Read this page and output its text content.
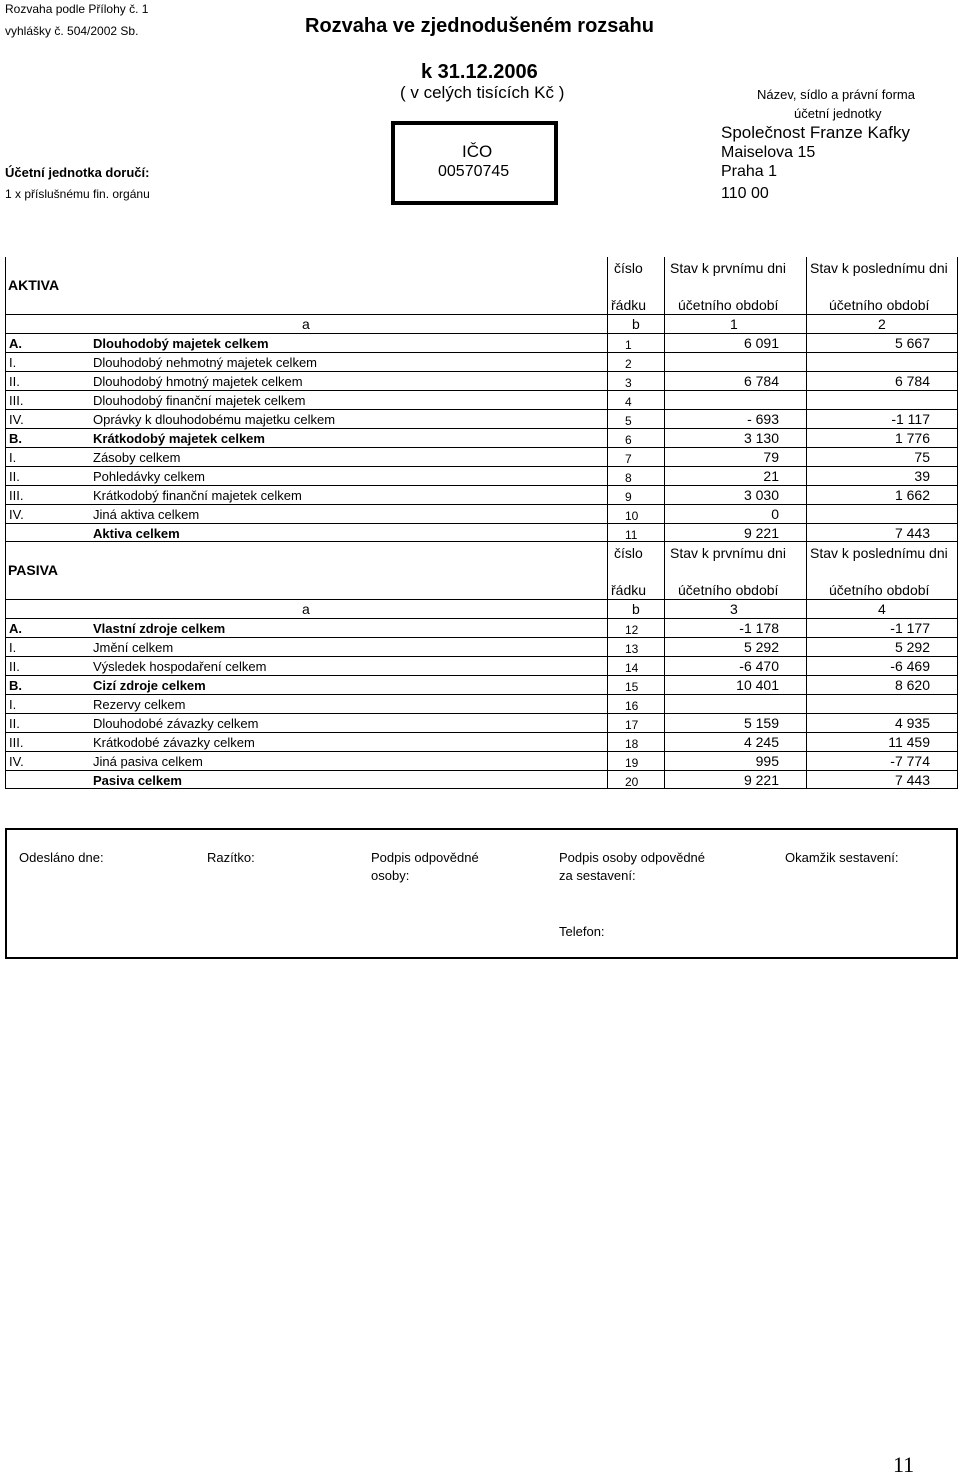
Rozvaha podle Přílohy č. 1
vyhlášky č. 504/2002 Sb.
Účetní jednotka doručí:
1 x příslušnému fin. orgánu
Rozvaha ve zjednodušeném rozsahu
k 31.12.2006
( v celých tisících Kč )
IČO
00570745
Název, sídlo a právní forma
účetní jednotky
Společnost Franze Kafky
Maiselova 15
Praha 1
110 00
AKTIVA
číslo
řádku
Stav k prvnímu dni
účetního období
Stav k poslednímu dni
účetního období
a	b	1	2
A.	Dlouhodobý majetek celkem	1	6 091	5 667
I.	Dlouhodobý nehmotný majetek celkem	2
II.	Dlouhodobý hmotný majetek celkem	3	6 784	6 784
III.	Dlouhodobý finanční majetek celkem	4
IV.	Oprávky k dlouhodobému majetku celkem	5	- 693	-1 117
B.	Krátkodobý majetek celkem	6	3 130	1 776
I.	Zásoby celkem	7	79	75
II.	Pohledávky celkem	8	21	39
III.	Krátkodobý finanční majetek celkem	9	3 030	1 662
IV.	Jiná aktiva celkem	10	0
Aktiva celkem	11	9 221	7 443
PASIVA
číslo
řádku
Stav k prvnímu dni
účetního období
Stav k poslednímu dni
účetního období
a	b	3	4
A.	Vlastní zdroje celkem	12	-1 178	-1 177
I.	Jmění celkem	13	5 292	5 292
II.	Výsledek hospodaření celkem	14	-6 470	-6 469
B.	Cizí zdroje celkem	15	10 401	8 620
I.	Rezervy celkem	16
II.	Dlouhodobé závazky celkem	17	5 159	4 935
III.	Krátkodobé závazky celkem	18	4 245	11 459
IV.	Jiná pasiva celkem	19	995	-7 774
Pasiva celkem	20	9 221	7 443
Odesláno dne:	Razítko:	Podpis odpovědné
osoby:
Podpis osoby odpovědné
za sestavení:
Okamžik sestavení:
Telefon:
11
